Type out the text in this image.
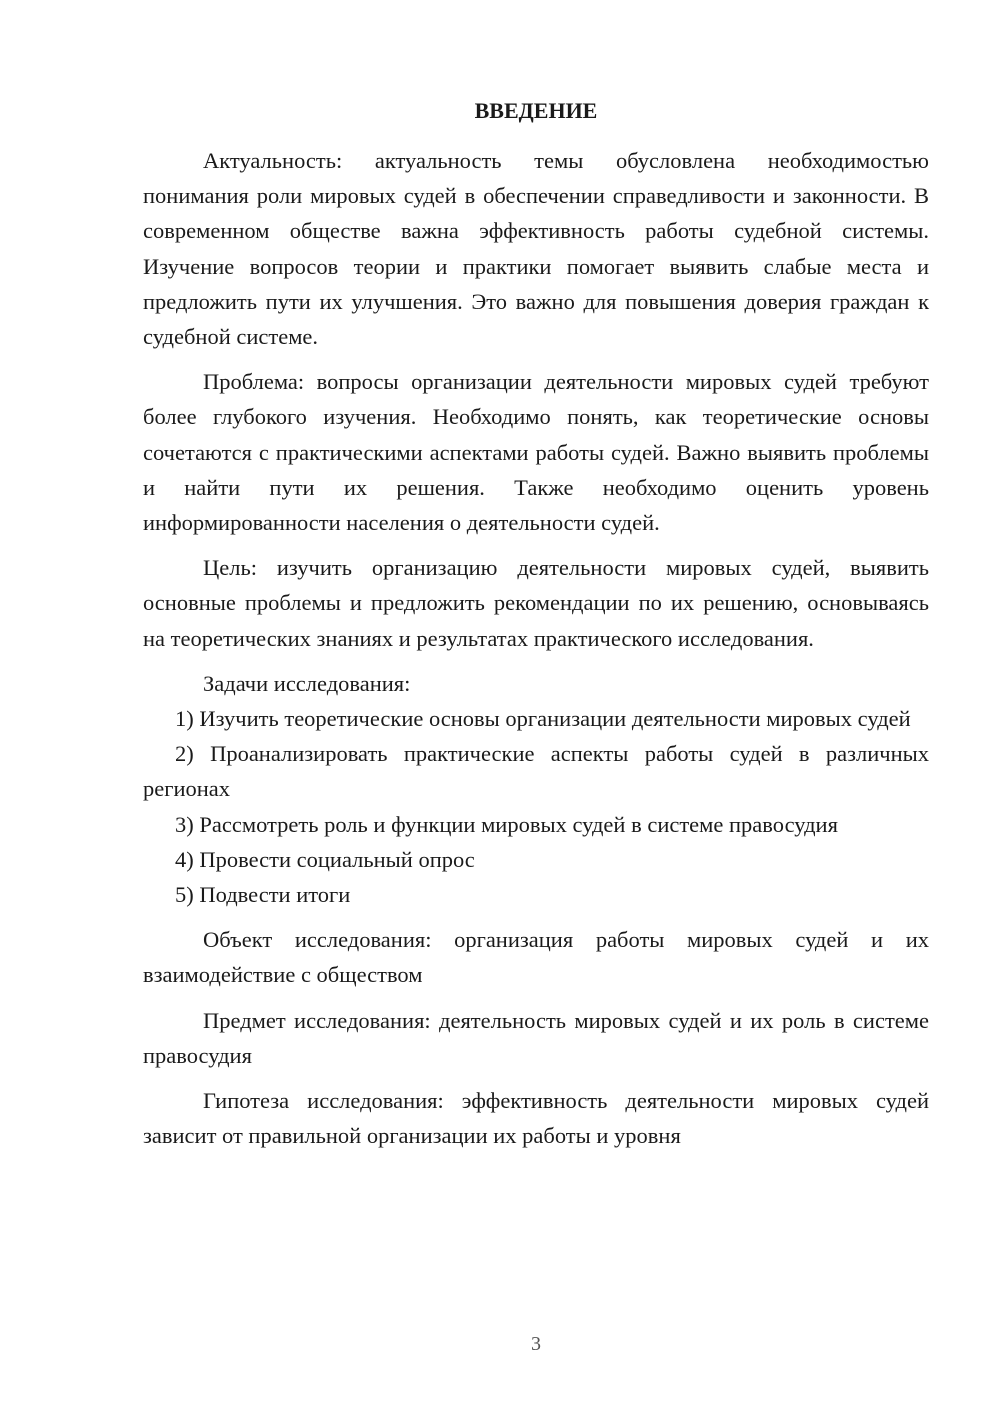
ВВЕДЕНИЕ

Актуальность: актуальность темы обусловлена необходимостью понимания роли мировых судей в обеспечении справедливости и законности. В современном обществе важна эффективность работы судебной системы. Изучение вопросов теории и практики помогает выявить слабые места и предложить пути их улучшения. Это важно для повышения доверия граждан к судебной системе.

Проблема: вопросы организации деятельности мировых судей требуют более глубокого изучения. Необходимо понять, как теоретические основы сочетаются с практическими аспектами работы судей. Важно выявить проблемы и найти пути их решения. Также необходимо оценить уровень информированности населения о деятельности судей.

Цель: изучить организацию деятельности мировых судей, выявить основные проблемы и предложить рекомендации по их решению, основываясь на теоретических знаниях и результатах практического исследования.

Задачи исследования:

1) Изучить теоретические основы организации деятельности мировых судей

2) Проанализировать практические аспекты работы судей в различных регионах

3) Рассмотреть роль и функции мировых судей в системе правосудия

4) Провести социальный опрос

5) Подвести итоги

Объект исследования: организация работы мировых судей и их взаимодействие с обществом

Предмет исследования: деятельность мировых судей и их роль в системе правосудия

Гипотеза исследования: эффективность деятельности мировых судей зависит от правильной организации их работы и уровня

3
